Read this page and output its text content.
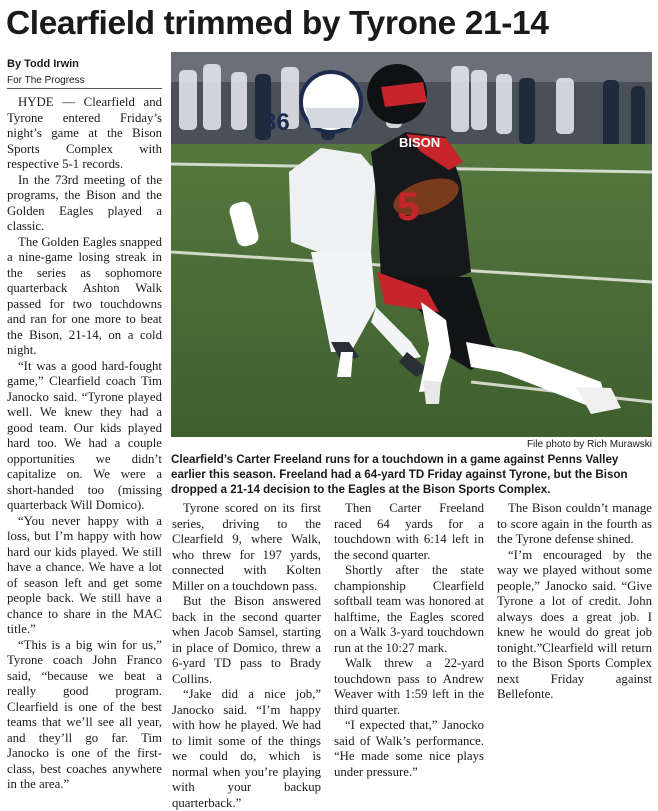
Clearfield trimmed by Tyrone 21-14
By Todd Irwin
For The Progress

HYDE — Clearfield and Tyrone entered Friday’s night’s game at the Bison Sports Complex with respective 5-1 records.

In the 73rd meeting of the programs, the Bison and the Golden Eagles played a classic.

The Golden Eagles snapped a nine-game losing streak in the series as sophomore quarterback Ashton Walk passed for two touchdowns and ran for one more to beat the Bison, 21-14, on a cold night.

“It was a good hard-fought game,” Clearfield coach Tim Janocko said. “Tyrone played well. We knew they had a good team. Our kids played hard too. We had a couple opportunities we didn’t capitalize on. We were a short-handed too (missing quarterback Will Domico).

“You never happy with a loss, but I’m happy with how hard our kids played. We still have a chance. We have a lot of season left and get some people back. We still have a chance to share in the MAC title.”

“This is a big win for us,” Tyrone coach John Franco said, “because we beat a really good program. Clearfield is one of the best teams that we’ll see all year, and they’ll go far. Tim Janocko is one of the first-class, best coaches anywhere in the area.”

36
BISON
5
File photo by Rich Murawski
Clearfield’s Carter Freeland runs for a touchdown in a game against Penns Valley earlier this season. Freeland had a 64-yard TD Friday against Tyrone, but the Bison dropped a 21-14 decision to the Eagles at the Bison Sports Complex.

Tyrone scored on its first series, driving to the Clearfield 9, where Walk, who threw for 197 yards, connected with Kolten Miller on a touchdown pass.

But the Bison answered back in the second quarter when Jacob Samsel, starting in place of Domico, threw a 6-yard TD pass to Brady Collins.

“Jake did a nice job,” Janocko said. “I’m happy with how he played. We had to limit some of the things we could do, which is normal when you’re playing with your backup quarterback.”

Then Carter Freeland raced 64 yards for a touchdown with 6:14 left in the second quarter.

Shortly after the state championship Clearfield softball team was honored at halftime, the Eagles scored on a Walk 3-yard touchdown run at the 10:27 mark.

Walk threw a 22-yard touchdown pass to Andrew Weaver with 1:59 left in the third quarter.

“I expected that,” Janocko said of Walk’s performance. “He made some nice plays under pressure.”

The Bison couldn’t manage to score again in the fourth as the Tyrone defense shined.

“I’m encouraged by the way we played without some people,” Janocko said. “Give Tyrone a lot of credit. John always does a great job. I knew he would do great job tonight.”Clearfield will return to the Bison Sports Complex next Friday against Bellefonte.
